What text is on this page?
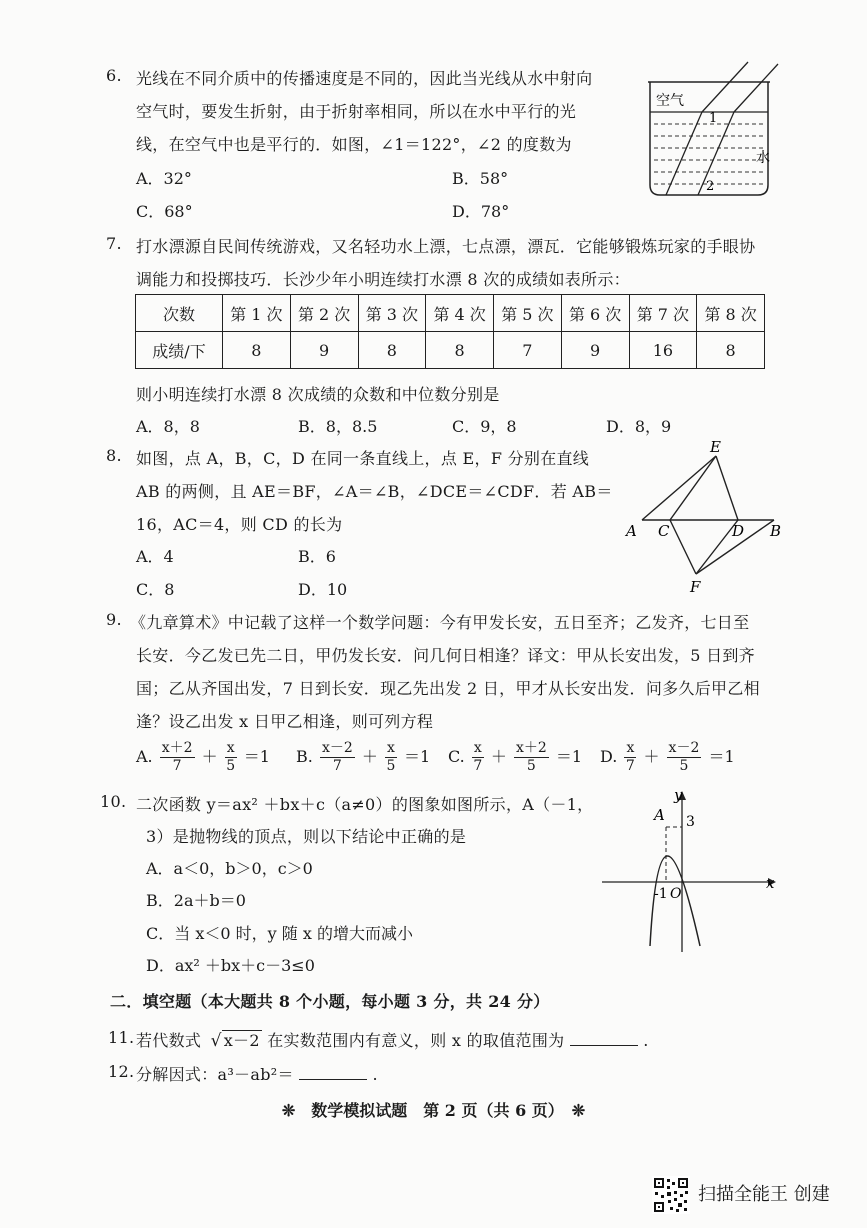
6. 光线在不同介质中的传播速度是不同的，因此当光线从水中射向
空气时，要发生折射，由于折射率相同，所以在水中平行的光
线，在空气中也是平行的．如图，∠1＝122°，∠2 的度数为
A．32°	B．58°
C．68°	D．78°
空气
水
1
2
7. 打水漂源自民间传统游戏，又名轻功水上漂，七点漂，漂瓦．它能够锻炼玩家的手眼协
调能力和投掷技巧．长沙少年小明连续打水漂 8 次的成绩如表所示：
次数	第 1 次	第 2 次	第 3 次	第 4 次	第 5 次	第 6 次	第 7 次	第 8 次
成绩/下	8	9	8	8	7	9	16	8
则小明连续打水漂 8 次成绩的众数和中位数分别是
A．8，8	B．8，8.5	C．9，8	D．8，9
8. 如图，点 A，B，C，D 在同一条直线上，点 E，F 分别在直线
AB 的两侧，且 AE＝BF，∠A＝∠B，∠DCE＝∠CDF．若 AB＝
16，AC＝4，则 CD 的长为
A．4	B．6
C．8	D．10
E
A C	D B
F
9. 《九章算术》中记载了这样一个数学问题：今有甲发长安，五日至齐；乙发齐，七日至
长安．今乙发已先二日，甲仍发长安．问几何日相逢？译文：甲从长安出发，5 日到齐
国；乙从齐国出发，7 日到长安．现乙先出发 2 日，甲才从长安出发．问多久后甲乙相
逢？设乙出发 x 日甲乙相逢，则可列方程
A. $\frac{x+2}{7} + \frac{x}{5} =1$ B. $\frac{x-2}{7} + \frac{x}{5} =1$ C. $\frac{x}{7} + \frac{x+2}{5} =1$ D. $\frac{x}{7} + \frac{x-2}{5} =1$
10. 二次函数 y＝ax² ＋bx＋c（a≠0）的图象如图所示，A（－1，
3）是抛物线的顶点，则以下结论中正确的是
A．a＜0，b＞0，c＞0
B．2a＋b＝0
C．当 x＜0 时，y 随 x 的增大而减小
D．ax² ＋bx＋c－3≤0
y
x
A 3
-1 O
二．填空题（本大题共 8 个小题，每小题 3 分，共 24 分）
11. 若代数式 √ x－2 在实数范围内有意义，则 x 的取值范围为	.
12. 分解因式：a³－ab²＝	.
❊　数学模拟试题　第 2 页（共 6 页）　❊
扫描全能王 创建
